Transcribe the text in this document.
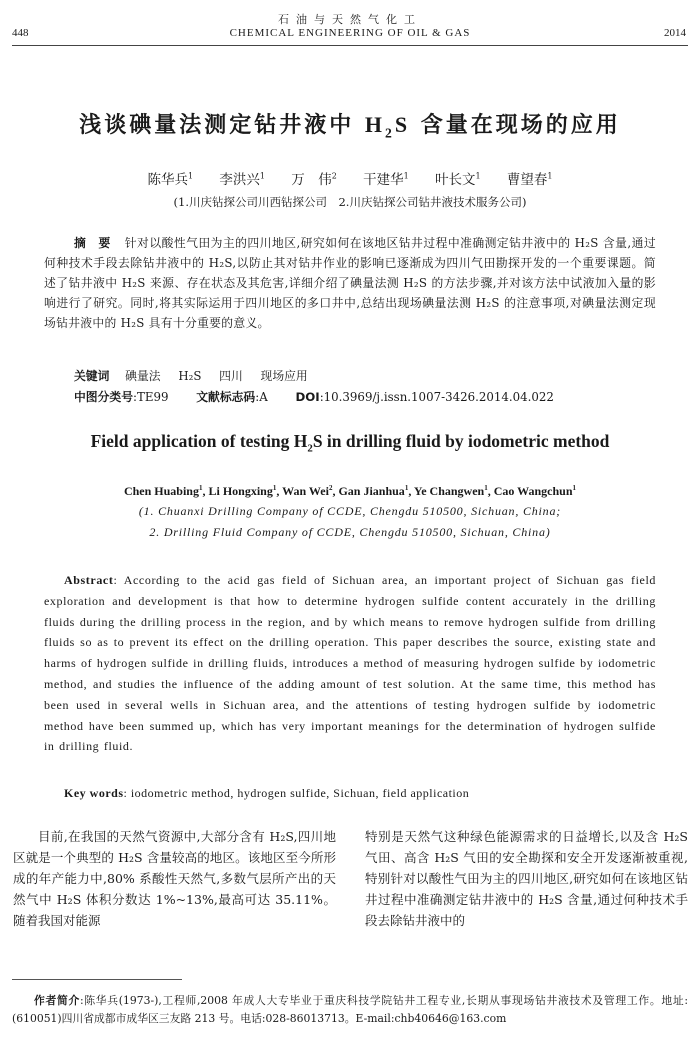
石油与天然气化工
448	CHEMICAL ENGINEERING OF OIL & GAS	2014
浅谈碘量法测定钻井液中 $H_2S$ 含量在现场的应用
陈华兵$^1$ 李洪兴$^1$ 万　伟$^2$ 干建华$^1$ 叶长文$^1$ 曹望春$^1$
(1.川庆钻探公司川西钻探公司　2.川庆钻探公司钻井液技术服务公司)
摘　要 针对以酸性气田为主的四川地区,研究如何在该地区钻井过程中准确测定钻井液中的 H₂S 含量,通过何种技术手段去除钻井液中的 H₂S,以防止其对钻井作业的影响已逐渐成为四川气田勘探开发的一个重要课题。简述了钻井液中 H₂S 来源、存在状态及其危害,详细介绍了碘量法测 H₂S 的方法步骤,并对该方法中试液加入量的影响进行了研究。同时,将其实际运用于四川地区的多口井中,总结出现场碘量法测 H₂S 的注意事项,对碘量法测定现场钻井液中的 H₂S 具有十分重要的意义。
关键词 碘量法 H₂S 四川 现场应用
中图分类号:TE99 文献标志码:A DOI:10.3969/j.issn.1007-3426.2014.04.022
Field application of testing $H_2S$ in drilling fluid by iodometric method
Chen Huabing$^1$, Li Hongxing$^1$, Wan Wei$^2$, Gan Jianhua$^1$, Ye Changwen$^1$, Cao Wangchun$^1$
(1. Chuanxi Drilling Company of CCDE, Chengdu 510500, Sichuan, China;
2. Drilling Fluid Company of CCDE, Chengdu 510500, Sichuan, China)
Abstract: According to the acid gas field of Sichuan area, an important project of Sichuan gas field exploration and development is that how to determine hydrogen sulfide content accurately in the drilling fluids during the drilling process in the region, and by which means to remove hydrogen sulfide from drilling fluids so as to prevent its effect on the drilling operation. This paper describes the source, existing state and harms of hydrogen sulfide in drilling fluids, introduces a method of measuring hydrogen sulfide by iodometric method, and studies the influence of the adding amount of test solution. At the same time, this method has been used in several wells in Sichuan area, and the attentions of testing hydrogen sulfide by iodometric method have been summed up, which has very important meanings for the determination of hydrogen sulfide in drilling fluid.
Key words: iodometric method, hydrogen sulfide, Sichuan, field application

目前,在我国的天然气资源中,大部分含有 H₂S,四川地区就是一个典型的 H₂S 含量较高的地区。该地区至今所形成的年产能力中,80% 系酸性天然气,多数气层所产出的天然气中 H₂S 体积分数达 1%~13%,最高可达 35.11%。随着我国对能源

特别是天然气这种绿色能源需求的日益增长,以及含 H₂S 气田、高含 H₂S 气田的安全勘探和安全开发逐渐被重视,特别针对以酸性气田为主的四川地区,研究如何在该地区钻井过程中准确测定钻井液中的 H₂S 含量,通过何种技术手段去除钻井液中的

作者简介:陈华兵(1973-),工程师,2008 年成人大专毕业于重庆科技学院钻井工程专业,长期从事现场钻井液技术及管理工作。地址:(610051)四川省成都市成华区三友路 213 号。电话:028-86013713。E-mail:chb40646@163.com
